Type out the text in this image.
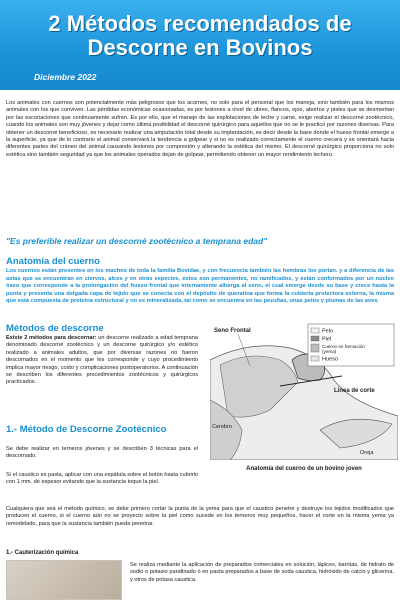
2 Métodos recomendados de
Descorne en Bovinos
Diciembre 2022
Los animales con cuernos son potencialmente más peligrosos que los acornes, no solo para el personal que los maneja, sino también para los mismos animales con los que conviven. Las pérdidas económicas ocasionadas, es por lesiones a nivel de ubres, flancos, ojos, abortos y pieles que se desmeritan por las escoriaciones que continuamente sufren. Es por ello, que el manejo de las explotaciones de leche y carne, exige realizar el descorné zootécnico, cuando los animales son muy jóvenes y dejar como última posibilidad el descorné quirúrgico para aquellos que no se le practicó por razones diversas. Para obtener un descorné beneficioso, es necesario realizar una amputación total desde su implantación, es decir desde la base donde el hueso frontal emerge a la superficie, ya que de lo contrario el animal conservará la tendencia a golpear y si no es realizado correctamente el cuerno crecerá y se orientará hacia diferentes partes del cráneo del animal causando lesiones por compresión y alterando la estética del mismo. El descorné quirúrgico proporciona no solo estética sino también seguridad ya que los animales operados dejan de golpear, permitiendo obtener un mayor rendimiento lechero.
"Es preferible realizar un descorné zootécnico a temprana edad"
Anatomía del cuerno
Los cuernos están presentes en los machos de toda la familia Bovidae, y con frecuencia también las hembras los portan. y a diferencia de las astas que se encuentran en ciervos, alces y en otras especies, estos son permanentes, no ramificados, y están conformados por un núcleo óseo que corresponde a la prolongación del hueso frontal que internamente alberga al seno, el cual emerge desde su base y crece hasta la punta y presenta una delgada capa de tejido que se conecta con el depósito de queratina que forma la cubierta protectora externa, la misma que está compuesta de proteína estructural y no es mineralizada, tal como se encuentra en las pezuñas, unas pelos y plumas de las aves.
Métodos de descorne
Existe 2 métodos para descornar: un descorne realizado a edad temprana denominado descorné zootécnico y un descorne quirúrgico y/o estético realizado a animales adultos, que por diversas razones no fueron descornados en el momento que les corresponde y cuyo procedimiento implica mayor riesgo, costo y complicaciones postoperatorios. A continuación se describen los diferentes procedimientos zootécnicos y quirúrgicos practicados.
1.- Método de Descorne Zootécnico
Se debe realizar en terneros jóvenes y se describen 3 técnicas para el descornado.
Si el caustico es pasta, aplicar con una espátula sobre el botón hasta cubrirlo con 1 mm. de espesor evitando que la sustancia toque la piel.
Cualquiera que sea el método químico, se debe primero cortar la punta de la yema para que el caustico penetre y destruye los tejidos modificados que producen el cuerno, si el cuerno aún no se proyecto sobre la piel como sucede en los terneros muy pequeños, hacer el corte en la misma yema ya remodelado, para que la sustancia también pueda penetrar.
Pelo
Piel
Cuerno en formación
(yema)
Hueso
Seno Frontal
Linea de corte
Cerebro
Oreja
Anatomía del cuerno de un bovino joven
1.- Cauterización química
Se realiza mediante la aplicación de preparados comerciales en solución, lápices, barritas, de hidrato de sodio o potasio parafinado ó en pasta preparados a base de soda caustica, hidróxido de calcio y glicerina. y otros de potasa caustica.
